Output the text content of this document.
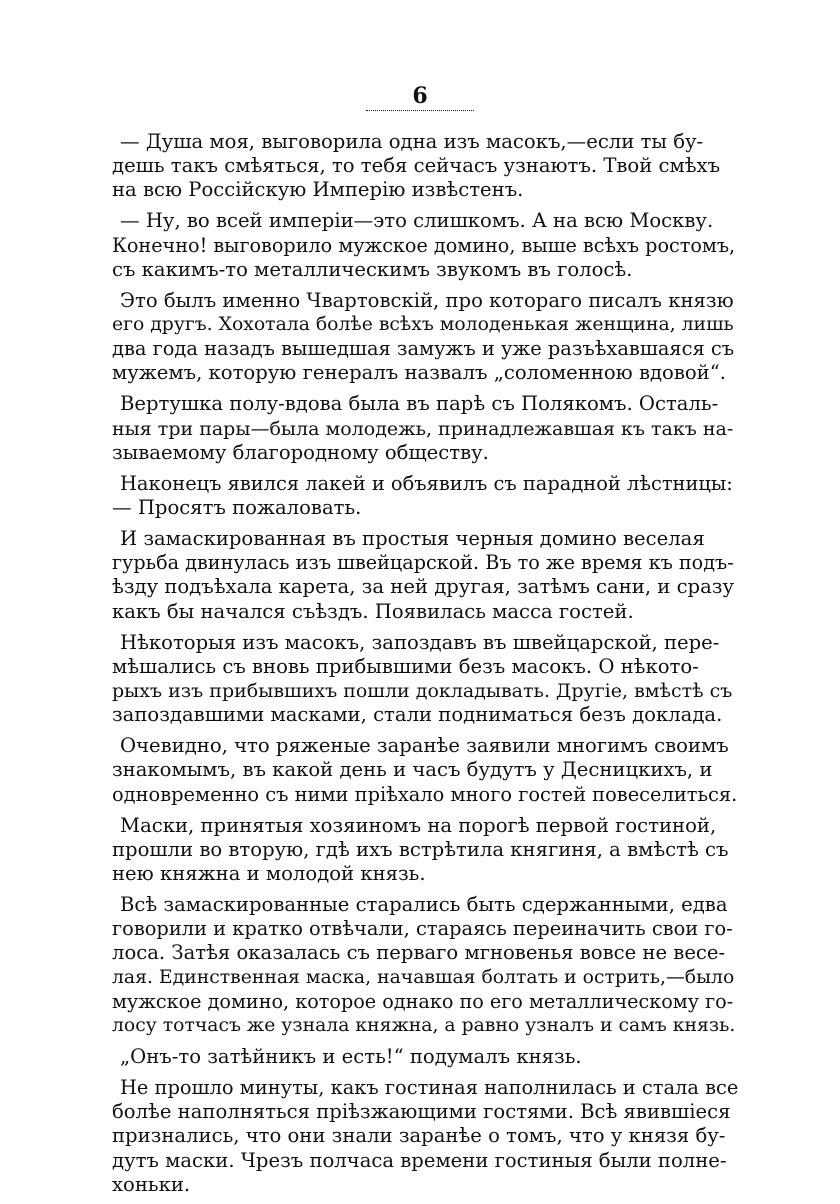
6
— Душа моя, выговорила одна изъ масокъ,—если ты бу-
дешь такъ смѣяться, то тебя сейчасъ узнаютъ. Твой смѣхъ
на всю Россійскую Имперію извѣстенъ.
— Ну, во всей имперіи—это слишкомъ. А на всю Москву.
Конечно! выговорило мужское домино, выше всѣхъ ростомъ,
съ какимъ-то металлическимъ звукомъ въ голосѣ.
Это былъ именно Чвартовскій, про котораго писалъ князю
его другъ. Хохотала болѣе всѣхъ молоденькая женщина, лишь
два года назадъ вышедшая замужъ и уже разъѣхавшаяся съ
мужемъ, которую генералъ назвалъ „соломенною вдовой“.
Вертушка полу-вдова была въ парѣ съ Полякомъ. Осталь-
ныя три пары—была молодежь, принадлежавшая къ такъ на-
зываемому благородному обществу.
Наконецъ явился лакей и объявилъ съ парадной лѣстницы:
— Просятъ пожаловать.
И замаскированная въ простыя черныя домино веселая
гурьба двинулась изъ швейцарской. Въ то же время къ подъ-
ѣзду подъѣхала карета, за ней другая, затѣмъ сани, и сразу
какъ бы начался съѣздъ. Появилась масса гостей.
Нѣкоторыя изъ масокъ, запоздавъ въ швейцарской, пере-
мѣшались съ вновь прибывшими безъ масокъ. О нѣкото-
рыхъ изъ прибывшихъ пошли докладывать. Другіе, вмѣстѣ съ
запоздавшими масками, стали подниматься безъ доклада.
Очевидно, что ряженые заранѣе заявили многимъ своимъ
знакомымъ, въ какой день и часъ будутъ у Десницкихъ, и
одновременно съ ними пріѣхало много гостей повеселиться.
Маски, принятыя хозяиномъ на порогѣ первой гостиной,
прошли во вторую, гдѣ ихъ встрѣтила княгиня, а вмѣстѣ съ
нею княжна и молодой князь.
Всѣ замаскированные старались быть сдержанными, едва
говорили и кратко отвѣчали, стараясь переиначить свои го-
лоса. Затѣя оказалась съ перваго мгновенья вовсе не весе-
лая. Единственная маска, начавшая болтать и острить,—было
мужское домино, которое однако по его металлическому го-
лосу тотчасъ же узнала княжна, а равно узналъ и самъ князь.
„Онъ-то затѣйникъ и есть!“ подумалъ князь.
Не прошло минуты, какъ гостиная наполнилась и стала все
болѣе наполняться пріѣзжающими гостями. Всѣ явившіеся
признались, что они знали заранѣе о томъ, что у князя бу-
дутъ маски. Чрезъ полчаса времени гостиныя были полне-
хоньки.
